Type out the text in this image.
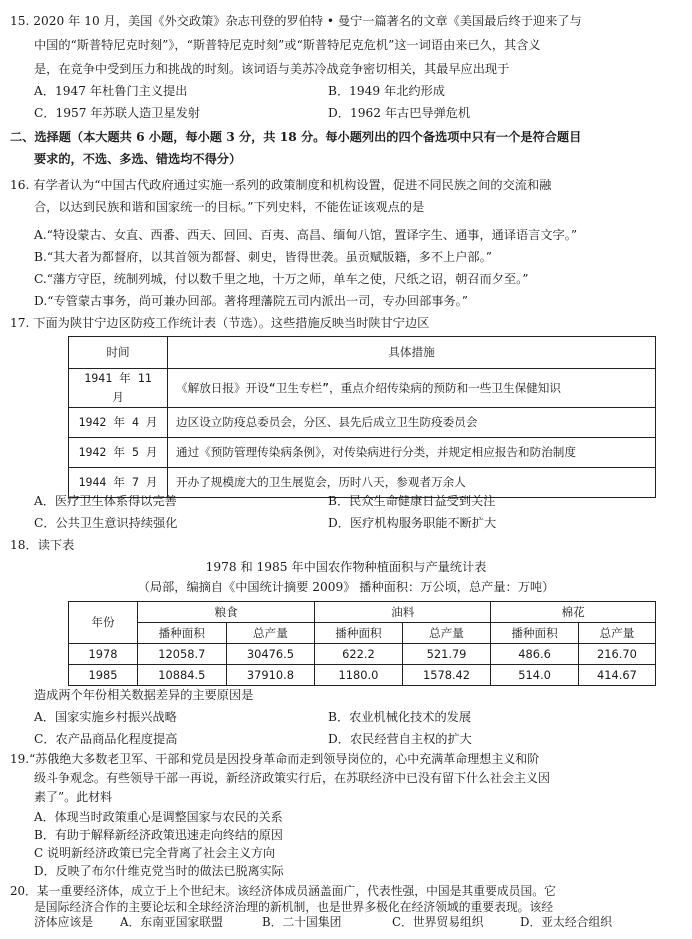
15. 2020 年 10 月，美国《外交政策》杂志刊登的罗伯特 • 曼宁一篇著名的文章《美国最后终于迎来了与
中国的“斯普特尼克时刻”》，“斯普特尼克时刻”或“斯普特尼克危机”这一词语由来已久，其含义
是，在竞争中受到压力和挑战的时刻。该词语与美苏冷战竞争密切相关，其最早应出现于
A．1947 年杜鲁门主义提出	B．1949 年北约形成
C．1957 年苏联人造卫星发射	D．1962 年古巴导弹危机
二、选择题（本大题共 6 小题，每小题 3 分，共 18 分。每小题列出的四个备选项中只有一个是符合题目
要求的，不选、多选、错选均不得分）
16. 有学者认为“中国古代政府通过实施一系列的政策制度和机构设置，促进不同民族之间的交流和融
合，以达到民族和谐和国家统一的目标。”下列史料，不能佐证该观点的是
A.“特设蒙古、女直、西番、西天、回回、百夷、高昌、缅甸八馆，置译字生、通事，通译语言文字。”
B.“其大者为都督府，以其首领为都督、刺史，皆得世袭。虽贡赋版籍，多不上户部。”
C.“藩方守臣，统制列城，付以数千里之地，十万之师，单车之使，尺纸之诏，朝召而夕至。”
D.“专管蒙古事务，尚可兼办回部。著将理藩院五司内派出一司，专办回部事务。”
17. 下面为陕甘宁边区防疫工作统计表（节选）。这些措施反映当时陕甘宁边区
时间	具体措施
1941 年 11 月	《解放日报》开设“卫生专栏”，重点介绍传染病的预防和一些卫生保健知识
1942 年 4 月	边区设立防疫总委员会，分区、县先后成立卫生防疫委员会
1942 年 5 月	通过《预防管理传染病条例》，对传染病进行分类，并规定相应报告和防治制度
1944 年 7 月	开办了规模庞大的卫生展览会，历时八天，参观者万余人
A．医疗卫生体系得以完善	B．民众生命健康日益受到关注
C．公共卫生意识持续强化	D．医疗机构服务职能不断扩大
18．读下表
1978 和 1985 年中国农作物种植面积与产量统计表
（局部，编摘自《中国统计摘要 2009》 播种面积：万公顷，总产量：万吨）
年份	粮食		油料		棉花	
	播种面积	总产量	播种面积	总产量	播种面积	总产量
1978	12058.7	30476.5	622.2	521.79	486.6	216.70
1985	10884.5	37910.8	1180.0	1578.42	514.0	414.67
造成两个年份相关数据差异的主要原因是
A．国家实施乡村振兴战略	B．农业机械化技术的发展
C．农产品商品化程度提高	D．农民经营自主权的扩大
19.“苏俄绝大多数老卫军、干部和党员是因投身革命而走到领导岗位的，心中充满革命理想主义和阶
级斗争观念。有些领导干部一再说，新经济政策实行后，在苏联经济中已没有留下什么社会主义因
素了”。此材料
A．体现当时政策重心是调整国家与农民的关系
B．有助于解释新经济政策迅速走向终结的原因
C 说明新经济政策已完全背离了社会主义方向
D．反映了布尔什维克党当时的做法已脱离实际
20．某一重要经济体，成立于上个世纪末。该经济体成员涵盖面广，代表性强，中国是其重要成员国。它
是国际经济合作的主要论坛和全球经济治理的新机制，也是世界多极化在经济领域的重要表现。该经
济体应该是 A．东南亚国家联盟	B．二十国集团	C．世界贸易组织	D．亚太经合组织
